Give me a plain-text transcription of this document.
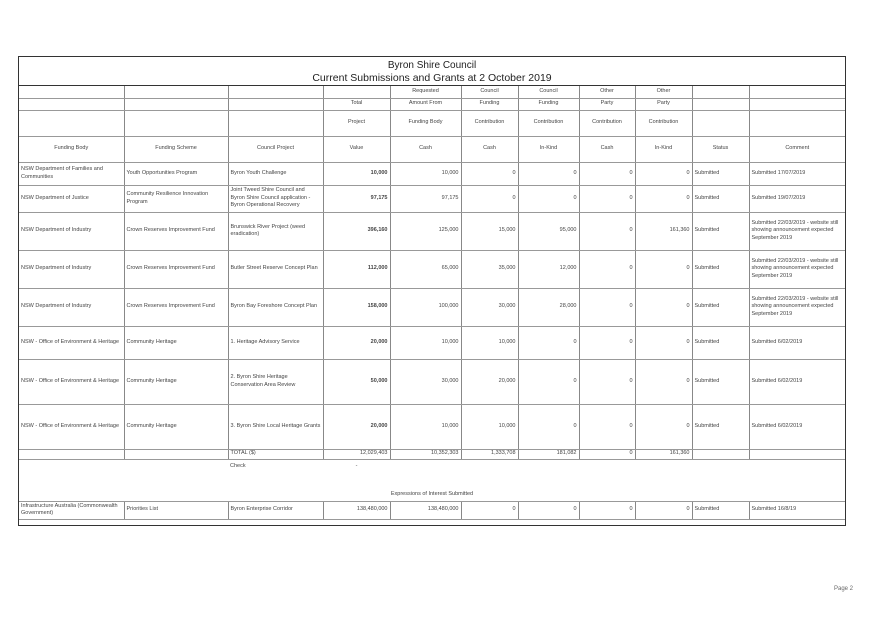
Byron Shire Council
Current Submissions and Grants at 2 October 2019
				Requested	Council	Council	Other	Other		
			Total	Amount From	Funding	Funding	Party	Party		
			Project	Funding Body	Contribution	Contribution	Contribution	Contribution		
Funding Body	Funding Scheme	Council Project	Value	Cash	Cash	In-Kind	Cash	In-Kind	Status	Comment
NSW Department of Families and Communities	Youth Opportunities Program	Byron Youth Challenge	10,000	10,000	0	0	0	0	Submitted	Submitted 17/07/2019
NSW Department of Justice	Community Resilience Innovation Program	Joint Tweed Shire Council and Byron Shire Council application - Byron Operational Recovery	97,175	97,175	0	0	0	0	Submitted	Submitted 19/07/2019
NSW Department of Industry	Crown Reserves Improvement Fund	Brunswick River Project (weed eradication)	396,160	125,000	15,000	95,000	0	161,360	Submitted	Submitted 22/03/2019 - website still showing announcement expected September 2019
NSW Department of Industry	Crown Reserves Improvement Fund	Butler Street Reserve Concept Plan	112,000	65,000	35,000	12,000	0	0	Submitted	Submitted 22/03/2019 - website still showing announcement expected September 2019
NSW Department of Industry	Crown Reserves Improvement Fund	Byron Bay Foreshore Concept Plan	158,000	100,000	30,000	28,000	0	0	Submitted	Submitted 22/03/2019 - website still showing announcement expected September 2019
NSW - Office of Environment & Heritage	Community Heritage	1. Heritage Advisory Service	20,000	10,000	10,000	0	0	0	Submitted	Submitted 6/02/2019
NSW - Office of Environment & Heritage	Community Heritage	2. Byron Shire Heritage Conservation Area Review	50,000	30,000	20,000	0	0	0	Submitted	Submitted 6/02/2019
NSW - Office of Environment & Heritage	Community Heritage	3. Byron Shire Local Heritage Grants	20,000	10,000	10,000	0	0	0	Submitted	Submitted 6/02/2019
		TOTAL ($)	12,029,403	10,352,303	1,333,708	181,082	0	161,360		
		Check	-							
Expressions of Interest Submitted										
Infrastructure Australia (Commonwealth Government)	Priorities List	Byron Enterprise Corridor	138,480,000	138,480,000	0	0	0	0	Submitted	Submitted 16/8/19
Page 2
